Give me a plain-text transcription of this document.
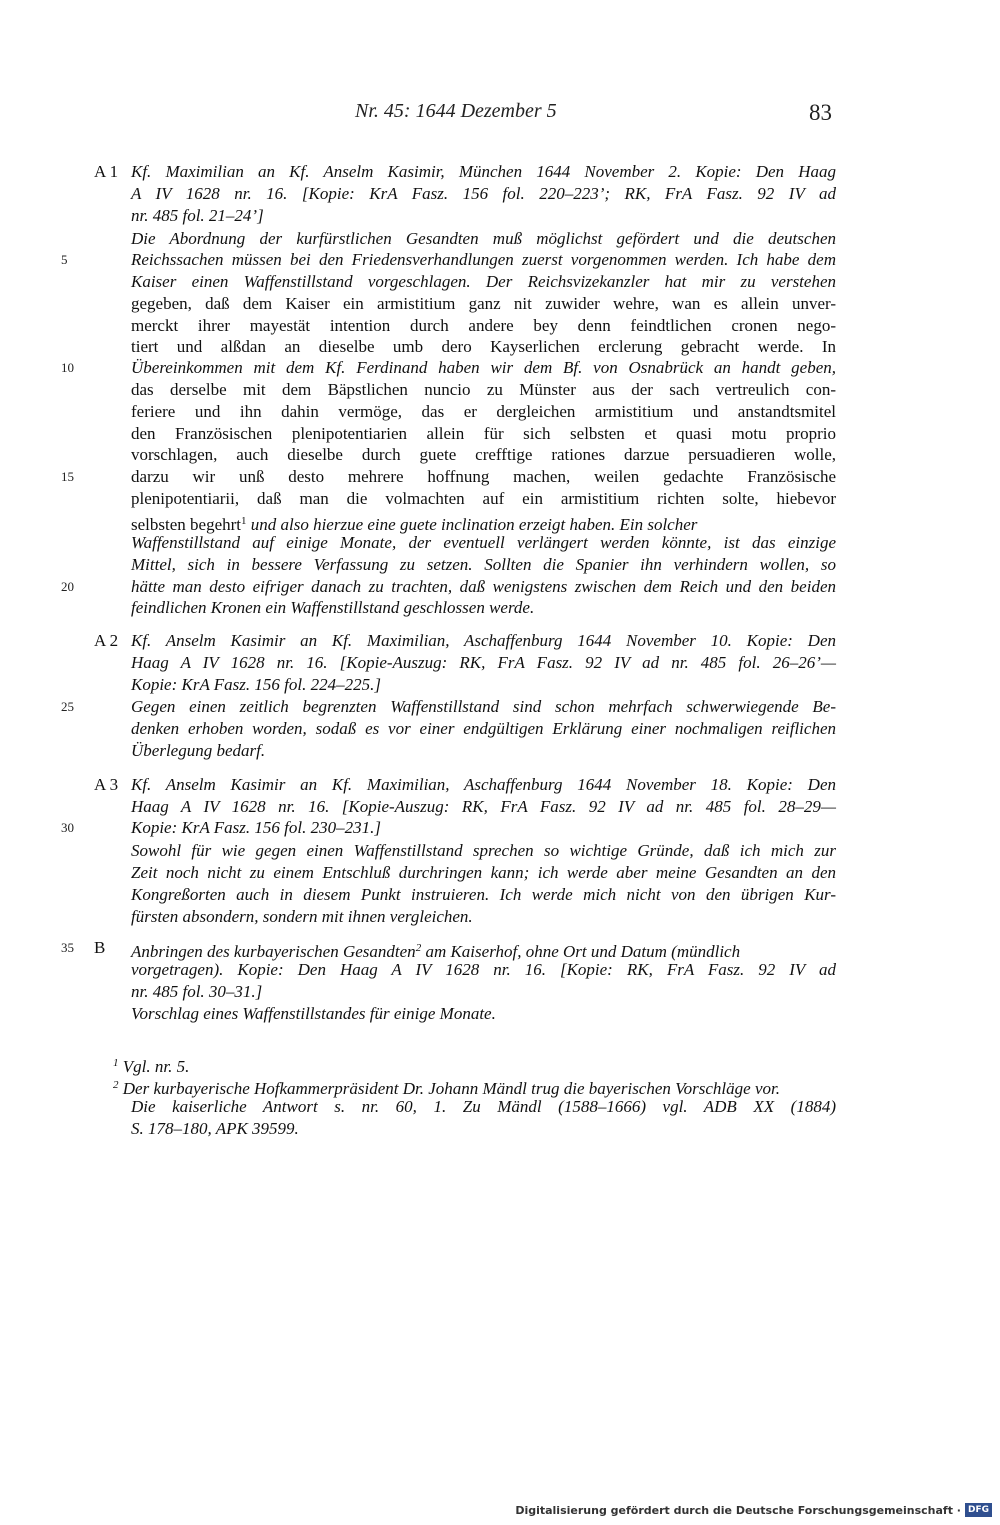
Nr. 45: 1644 Dezember 5	83
5
10
15
20
25
30
35
A 1 Kf. Maximilian an Kf. Anselm Kasimir, München 1644 November 2. Kopie: Den Haag
A IV 1628 nr. 16. [Kopie: KrA Fasz. 156 fol. 220–223’; RK, FrA Fasz. 92 IV ad
nr. 485 fol. 21–24’]
Die Abordnung der kurfürstlichen Gesandten muß möglichst gefördert und die deutschen
Reichssachen müssen bei den Friedensverhandlungen zuerst vorgenommen werden. Ich habe dem
Kaiser einen Waffenstillstand vorgeschlagen. Der Reichsvizekanzler hat mir zu verstehen
gegeben, daß dem Kaiser ein armistitium ganz nit zuwider wehre, wan es allein unver-
merckt ihrer mayestät intention durch andere bey denn feindtlichen cronen nego-
tiert und alßdan an dieselbe umb dero Kayserlichen erclerung gebracht werde. In
Übereinkommen mit dem Kf. Ferdinand haben wir dem Bf. von Osnabrück an handt geben,
das derselbe mit dem Bäpstlichen nuncio zu Münster aus der sach vertreulich con-
feriere und ihn dahin vermöge, das er dergleichen armistitium und anstandtsmitel
den Französischen plenipotentiarien allein für sich selbsten et quasi motu proprio
vorschlagen, auch dieselbe durch guete crefftige rationes darzue persuadieren wolle,
darzu wir unß desto mehrere hoffnung machen, weilen gedachte Französische
plenipotentiarii, daß man die volmachten auf ein armistitium richten solte, hiebevor
selbsten begehrt$^1$ und also hierzue eine guete inclination erzeigt haben. Ein solcher
Waffenstillstand auf einige Monate, der eventuell verlängert werden könnte, ist das einzige
Mittel, sich in bessere Verfassung zu setzen. Sollten die Spanier ihn verhindern wollen, so
hätte man desto eifriger danach zu trachten, daß wenigstens zwischen dem Reich und den beiden
feindlichen Kronen ein Waffenstillstand geschlossen werde.
A 2 Kf. Anselm Kasimir an Kf. Maximilian, Aschaffenburg 1644 November 10. Kopie: Den
Haag A IV 1628 nr. 16. [Kopie-Auszug: RK, FrA Fasz. 92 IV ad nr. 485 fol. 26–26’—
Kopie: KrA Fasz. 156 fol. 224–225.]
Gegen einen zeitlich begrenzten Waffenstillstand sind schon mehrfach schwerwiegende Be-
denken erhoben worden, sodaß es vor einer endgültigen Erklärung einer nochmaligen reiflichen
Überlegung bedarf.
A 3 Kf. Anselm Kasimir an Kf. Maximilian, Aschaffenburg 1644 November 18. Kopie: Den
Haag A IV 1628 nr. 16. [Kopie-Auszug: RK, FrA Fasz. 92 IV ad nr. 485 fol. 28–29—
Kopie: KrA Fasz. 156 fol. 230–231.]
Sowohl für wie gegen einen Waffenstillstand sprechen so wichtige Gründe, daß ich mich zur
Zeit noch nicht zu einem Entschluß durchringen kann; ich werde aber meine Gesandten an den
Kongreßorten auch in diesem Punkt instruieren. Ich werde mich nicht von den übrigen Kur-
fürsten absondern, sondern mit ihnen vergleichen.
B Anbringen des kurbayerischen Gesandten$^2$ am Kaiserhof, ohne Ort und Datum (mündlich
vorgetragen). Kopie: Den Haag A IV 1628 nr. 16. [Kopie: RK, FrA Fasz. 92 IV ad
nr. 485 fol. 30–31.]
Vorschlag eines Waffenstillstandes für einige Monate.
$^1$ Vgl. nr. 5.
$^2$ Der kurbayerische Hofkammerpräsident Dr. Johann Mändl trug die bayerischen Vorschläge vor.
Die kaiserliche Antwort s. nr. 60, 1. Zu Mändl (1588–1666) vgl. ADB XX (1884)
S. 178–180, APK 39599.
Digitalisierung gefördert durch die Deutsche Forschungsgemeinschaft · DFG
